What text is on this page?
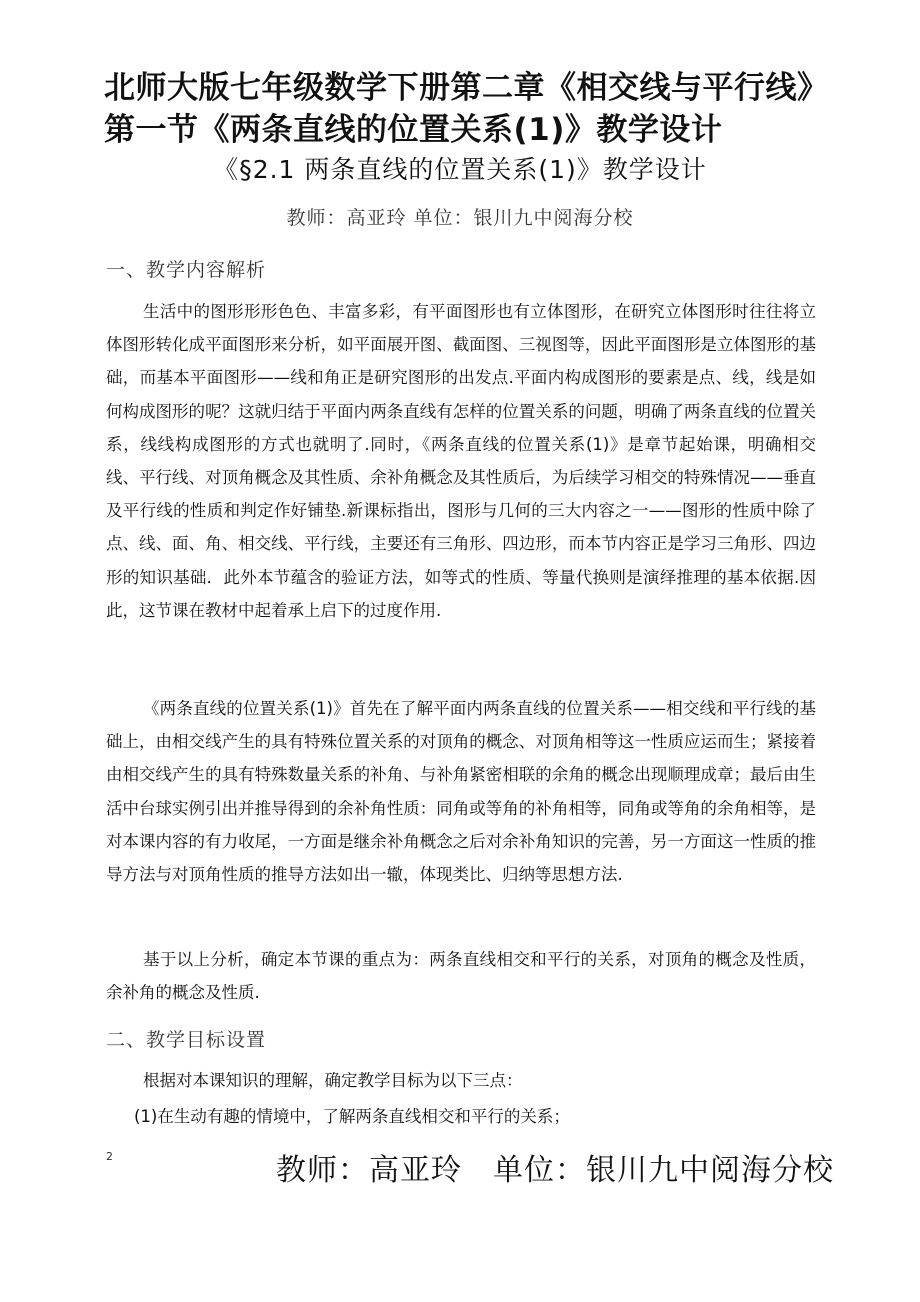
北师大版七年级数学下册第二章《相交线与平行线》
第一节《两条直线的位置关系(1)》教学设计
《§2.1 两条直线的位置关系(1)》教学设计
教师：高亚玲 单位：银川九中阅海分校
一、教学内容解析

生活中的图形形形色色、丰富多彩，有平面图形也有立体图形，在研究立体图形时往往将立体图形转化成平面图形来分析，如平面展开图、截面图、三视图等，因此平面图形是立体图形的基础，而基本平面图形——线和角正是研究图形的出发点.平面内构成图形的要素是点、线，线是如何构成图形的呢？这就归结于平面内两条直线有怎样的位置关系的问题，明确了两条直线的位置关系，线线构成图形的方式也就明了.同时，《两条直线的位置关系(1)》是章节起始课，明确相交线、平行线、对顶角概念及其性质、余补角概念及其性质后，为后续学习相交的特殊情况——垂直及平行线的性质和判定作好铺垫.新课标指出，图形与几何的三大内容之一——图形的性质中除了点、线、面、角、相交线、平行线，主要还有三角形、四边形，而本节内容正是学习三角形、四边形的知识基础．此外本节蕴含的验证方法，如等式的性质、等量代换则是演绎推理的基本依据.因此，这节课在教材中起着承上启下的过度作用.

《两条直线的位置关系(1)》首先在了解平面内两条直线的位置关系——相交线和平行线的基础上，由相交线产生的具有特殊位置关系的对顶角的概念、对顶角相等这一性质应运而生；紧接着由相交线产生的具有特殊数量关系的补角、与补角紧密相联的余角的概念出现顺理成章；最后由生活中台球实例引出并推导得到的余补角性质：同角或等角的补角相等，同角或等角的余角相等，是对本课内容的有力收尾，一方面是继余补角概念之后对余补角知识的完善，另一方面这一性质的推导方法与对顶角性质的推导方法如出一辙，体现类比、归纳等思想方法.

基于以上分析，确定本节课的重点为：两条直线相交和平行的关系，对顶角的概念及性质，余补角的概念及性质.

二、教学目标设置
根据对本课知识的理解，确定教学目标为以下三点：
(1)在生动有趣的情境中，了解两条直线相交和平行的关系；
2	教师：高亚玲　单位：银川九中阅海分校
